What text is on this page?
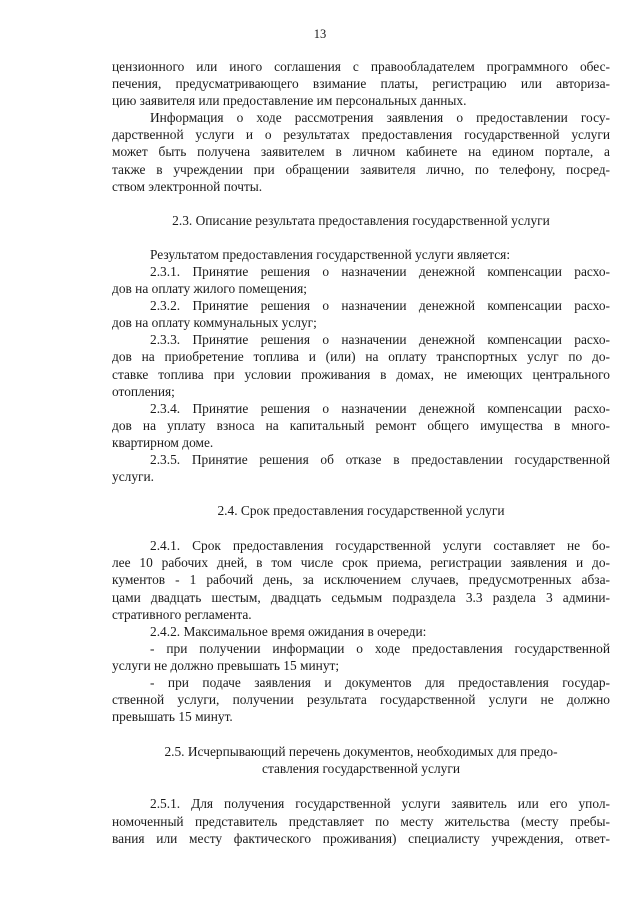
13
цензионного или иного соглашения с правообладателем программного обес-
печения, предусматривающего взимание платы, регистрацию или авториза-
цию заявителя или предоставление им персональных данных.
Информация о ходе рассмотрения заявления о предоставлении госу-
дарственной услуги и о результатах предоставления государственной услуги
может быть получена заявителем в личном кабинете на едином портале, а
также в учреждении при обращении заявителя лично, по телефону, посред-
ством электронной почты.
2.3. Описание результата предоставления государственной услуги
Результатом предоставления государственной услуги является:
2.3.1. Принятие решения о назначении денежной компенсации расхо-
дов на оплату жилого помещения;
2.3.2. Принятие решения о назначении денежной компенсации расхо-
дов на оплату коммунальных услуг;
2.3.3. Принятие решения о назначении денежной компенсации расхо-
дов на приобретение топлива и (или) на оплату транспортных услуг по до-
ставке топлива при условии проживания в домах, не имеющих центрального
отопления;
2.3.4. Принятие решения о назначении денежной компенсации расхо-
дов на уплату взноса на капитальный ремонт общего имущества в много-
квартирном доме.
2.3.5. Принятие решения об отказе в предоставлении государственной
услуги.
2.4. Срок предоставления государственной услуги
2.4.1. Срок предоставления государственной услуги составляет не бо-
лее 10 рабочих дней, в том числе срок приема, регистрации заявления и до-
кументов - 1 рабочий день, за исключением случаев, предусмотренных абза-
цами двадцать шестым, двадцать седьмым подраздела 3.3 раздела 3 админи-
стративного регламента.
2.4.2. Максимальное время ожидания в очереди:
- при получении информации о ходе предоставления государственной
услуги не должно превышать 15 минут;
- при подаче заявления и документов для предоставления государ-
ственной услуги, получении результата государственной услуги не должно
превышать 15 минут.
2.5. Исчерпывающий перечень документов, необходимых для предо-
ставления государственной услуги
2.5.1. Для получения государственной услуги заявитель или его упол-
номоченный представитель представляет по месту жительства (месту пребы-
вания или месту фактического проживания) специалисту учреждения, ответ-
